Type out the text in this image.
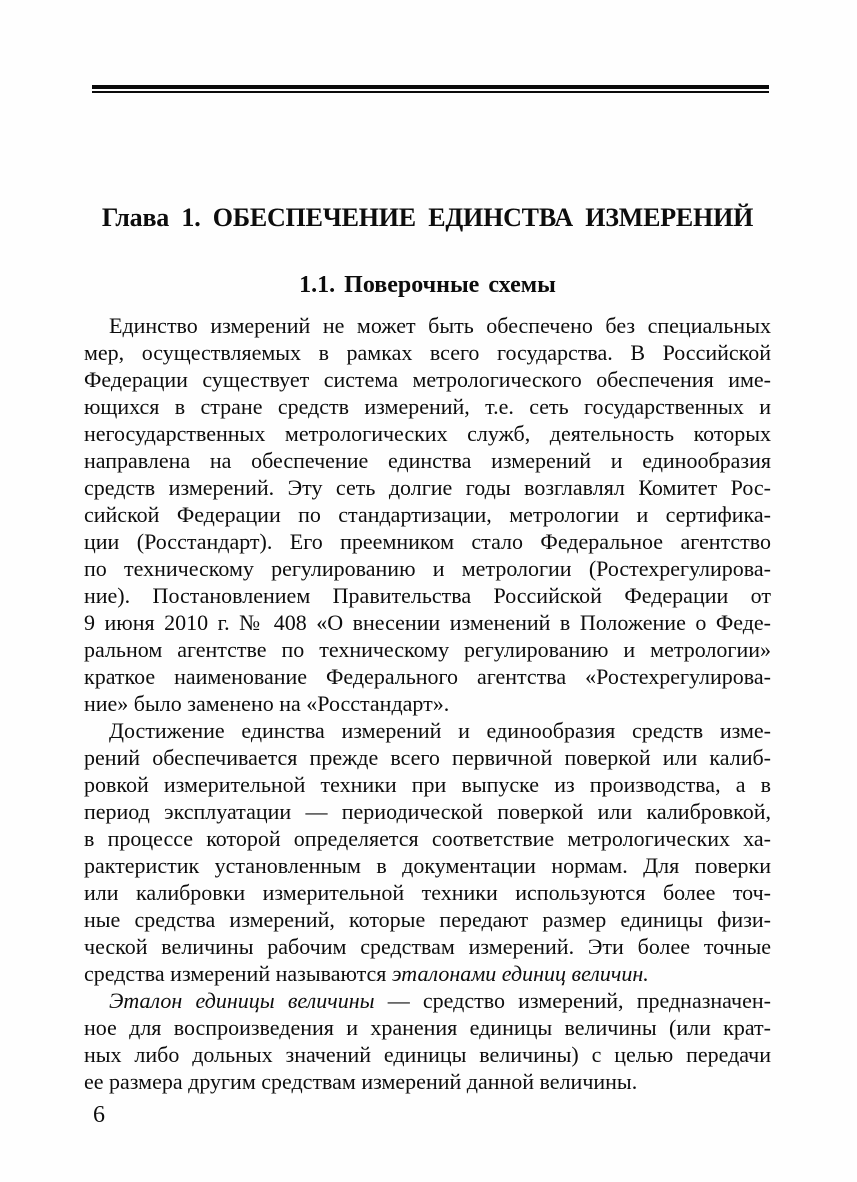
Глава 1. ОБЕСПЕЧЕНИЕ ЕДИНСТВА ИЗМЕРЕНИЙ
1.1. Поверочные схемы
Единство измерений не может быть обеспечено без специальных
мер, осуществляемых в рамках всего государства. В Российской
Федерации существует система метрологического обеспечения име-
ющихся в стране средств измерений, т.е. сеть государственных и
негосударственных метрологических служб, деятельность которых
направлена на обеспечение единства измерений и единообразия
средств измерений. Эту сеть долгие годы возглавлял Комитет Рос-
сийской Федерации по стандартизации, метрологии и сертифика-
ции (Росстандарт). Его преемником стало Федеральное агентство
по техническому регулированию и метрологии (Ростехрегулирова-
ние). Постановлением Правительства Российской Федерации от
9 июня 2010 г. № 408 «О внесении изменений в Положение о Феде-
ральном агентстве по техническому регулированию и метрологии»
краткое наименование Федерального агентства «Ростехрегулирова-
ние» было заменено на «Росстандарт».
Достижение единства измерений и единообразия средств изме-
рений обеспечивается прежде всего первичной поверкой или калиб-
ровкой измерительной техники при выпуске из производства, а в
период эксплуатации — периодической поверкой или калибровкой,
в процессе которой определяется соответствие метрологических ха-
рактеристик установленным в документации нормам. Для поверки
или калибровки измерительной техники используются более точ-
ные средства измерений, которые передают размер единицы физи-
ческой величины рабочим средствам измерений. Эти более точные
средства измерений называются эталонами единиц величин.
Эталон единицы величины — средство измерений, предназначен-
ное для воспроизведения и хранения единицы величины (или крат-
ных либо дольных значений единицы величины) с целью передачи
ее размера другим средствам измерений данной величины.
6
